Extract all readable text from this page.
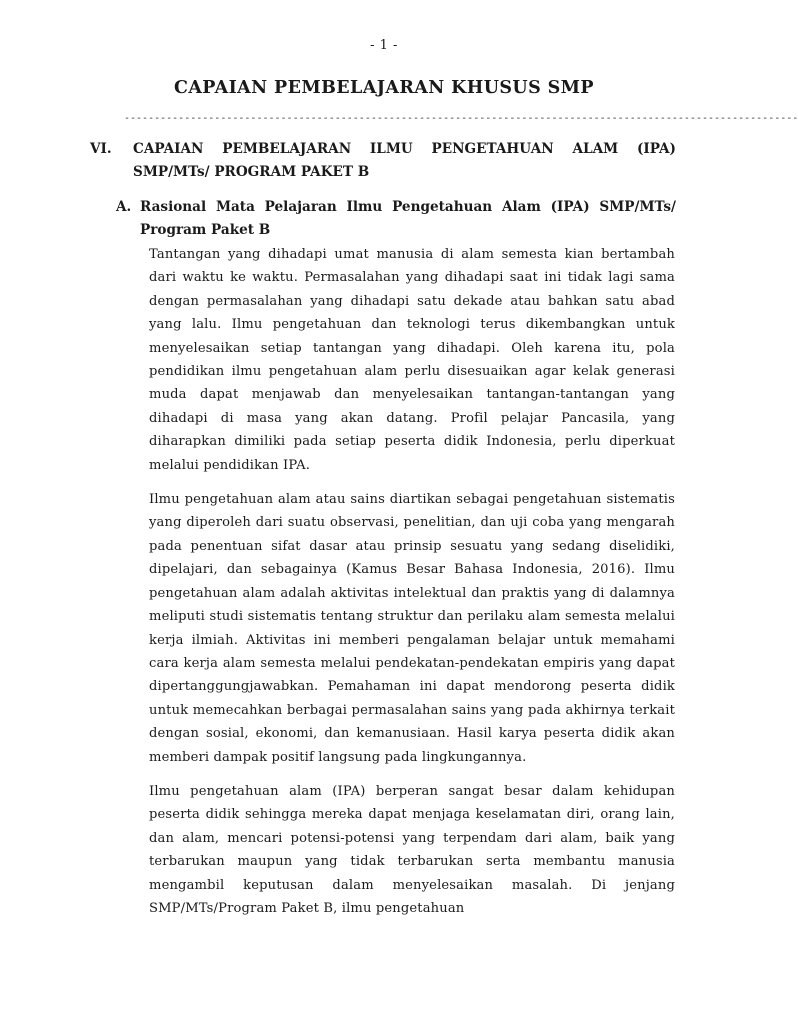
- 1 -
CAPAIAN PEMBELAJARAN KHUSUS SMP
----------------------------------------------------------------------------------------------------------------
VI. CAPAIAN PEMBELAJARAN ILMU PENGETAHUAN ALAM (IPA) SMP/MTs/ PROGRAM PAKET B
A. Rasional Mata Pelajaran Ilmu Pengetahuan Alam (IPA) SMP/MTs/ Program Paket B

Tantangan yang dihadapi umat manusia di alam semesta kian bertambah dari waktu ke waktu. Permasalahan yang dihadapi saat ini tidak lagi sama dengan permasalahan yang dihadapi satu dekade atau bahkan satu abad yang lalu. Ilmu pengetahuan dan teknologi terus dikembangkan untuk menyelesaikan setiap tantangan yang dihadapi. Oleh karena itu, pola pendidikan ilmu pengetahuan alam perlu disesuaikan agar kelak generasi muda dapat menjawab dan menyelesaikan tantangan-tantangan yang dihadapi di masa yang akan datang. Profil pelajar Pancasila, yang diharapkan dimiliki pada setiap peserta didik Indonesia, perlu diperkuat melalui pendidikan IPA.

Ilmu pengetahuan alam atau sains diartikan sebagai pengetahuan sistematis yang diperoleh dari suatu observasi, penelitian, dan uji coba yang mengarah pada penentuan sifat dasar atau prinsip sesuatu yang sedang diselidiki, dipelajari, dan sebagainya (Kamus Besar Bahasa Indonesia, 2016). Ilmu pengetahuan alam adalah aktivitas intelektual dan praktis yang di dalamnya meliputi studi sistematis tentang struktur dan perilaku alam semesta melalui kerja ilmiah. Aktivitas ini memberi pengalaman belajar untuk memahami cara kerja alam semesta melalui pendekatan-pendekatan empiris yang dapat dipertanggungjawabkan. Pemahaman ini dapat mendorong peserta didik untuk memecahkan berbagai permasalahan sains yang pada akhirnya terkait dengan sosial, ekonomi, dan kemanusiaan. Hasil karya peserta didik akan memberi dampak positif langsung pada lingkungannya.

Ilmu pengetahuan alam (IPA) berperan sangat besar dalam kehidupan peserta didik sehingga mereka dapat menjaga keselamatan diri, orang lain, dan alam, mencari potensi-potensi yang terpendam dari alam, baik yang terbarukan maupun yang tidak terbarukan serta membantu manusia mengambil keputusan dalam menyelesaikan masalah. Di jenjang SMP/MTs/Program Paket B, ilmu pengetahuan
